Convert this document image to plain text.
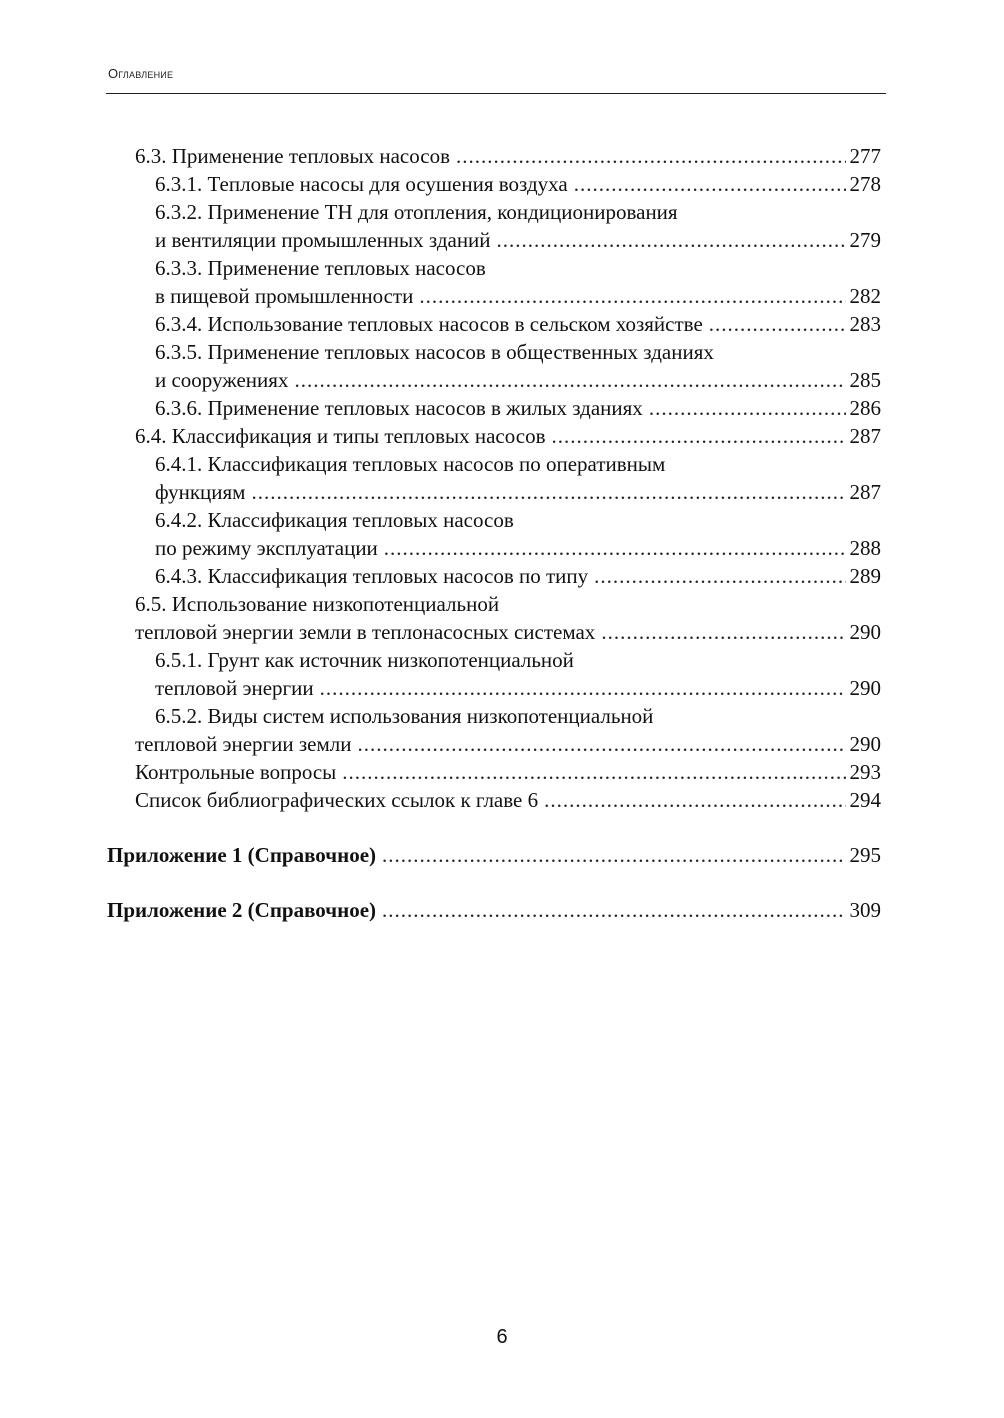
Оглавление
6.3. Применение тепловых насосов .....	277
6.3.1. Тепловые насосы для осушения воздуха .....	278
6.3.2. Применение ТН для отопления, кондиционирования
и вентиляции промышленных зданий .....	279
6.3.3. Применение тепловых насосов
в пищевой промышленности .....	282
6.3.4. Использование тепловых насосов в сельском хозяйстве .....	283
6.3.5. Применение тепловых насосов в общественных зданиях
и сооружениях .....	285
6.3.6. Применение тепловых насосов в жилых зданиях .....	286
6.4. Классификация и типы тепловых насосов .....	287
6.4.1. Классификация тепловых насосов по оперативным
функциям .....	287
6.4.2. Классификация тепловых насосов
по режиму эксплуатации .....	288
6.4.3. Классификация тепловых насосов по типу .....	289
6.5. Использование низкопотенциальной
тепловой энергии земли в теплонасосных системах .....	290
6.5.1. Грунт как источник низкопотенциальной
тепловой энергии .....	290
6.5.2. Виды систем использования низкопотенциальной
тепловой энергии земли .....	290
Контрольные вопросы .....	293
Список библиографических ссылок к главе 6 .....	294
Приложение 1 (Справочное) .....	295
Приложение 2 (Справочное) .....	309
6
